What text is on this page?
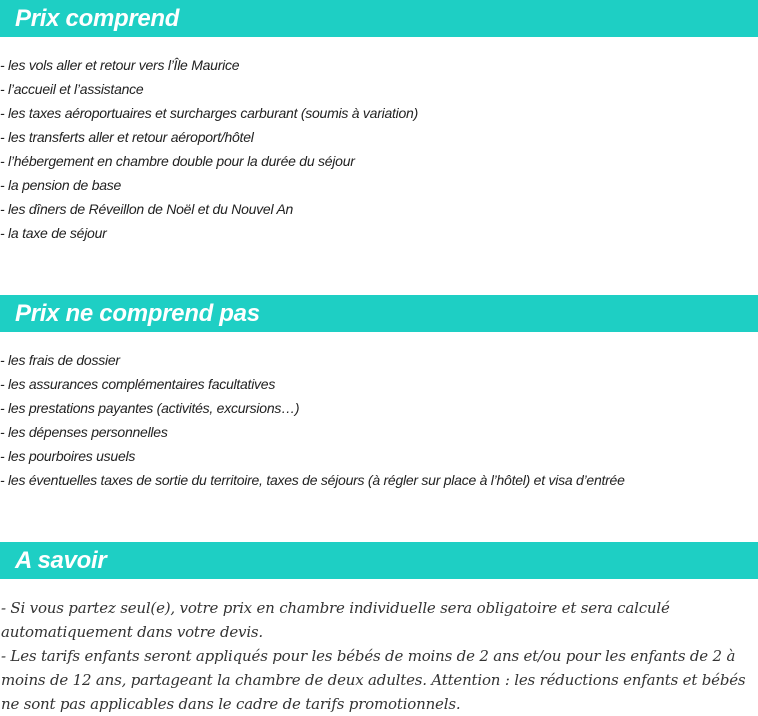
Prix comprend
- les vols aller et retour vers l’Île Maurice
- l’accueil et l’assistance
- les taxes aéroportuaires et surcharges carburant (soumis à variation)
- les transferts aller et retour aéroport/hôtel
- l’hébergement en chambre double pour la durée du séjour
- la pension de base
- les dîners de Réveillon de Noël et du Nouvel An
- la taxe de séjour
Prix ne comprend pas
- les frais de dossier
- les assurances complémentaires facultatives
- les prestations payantes (activités, excursions…)
- les dépenses personnelles
- les pourboires usuels
- les éventuelles taxes de sortie du territoire, taxes de séjours (à régler sur place à l’hôtel) et visa d’entrée
A savoir

- Si vous partez seul(e), votre prix en chambre individuelle sera obligatoire et sera calculé automatiquement dans votre devis.

- Les tarifs enfants seront appliqués pour les bébés de moins de 2 ans et/ou pour les enfants de 2 à moins de 12 ans, partageant la chambre de deux adultes. Attention : les réductions enfants et bébés ne sont pas applicables dans le cadre de tarifs promotionnels.
